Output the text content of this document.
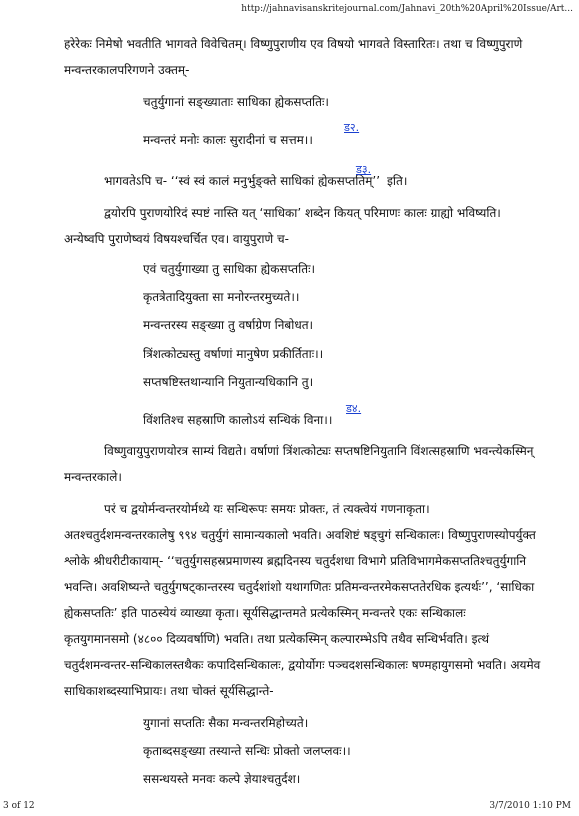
http://jahnavisanskritejournal.com/Jahnavi_20th%20April%20Issue/Art...
हरेरेकः निमेषो भवतीति भागवते विवेचितम्। विष्णुपुराणीय एव विषयो भागवते विस्तारितः। तथा च विष्णुपुराणे
मन्वन्तरकालपरिगणने उक्तम्-
चतुर्युगानां सङ्ख्याताः साधिका ह्येकसप्ततिः।
मन्वन्तरं मनोः कालः सुरादीनां च सत्तम।।
ड२.
भागवतेऽपि च- ‘‘स्वं स्वं कालं मनुर्भुङ्क्ते साधिकां ह्येकसप्ततिम्’’
ड३.
इति।
द्वयोरपि पुराणयोरिदं स्पष्टं नास्ति यत् ‘साधिका’ शब्देन कियत् परिमाणः कालः ग्राह्यो भविष्यति।
अन्येष्वपि पुराणेष्वयं विषयश्चर्चित एव। वायुपुराणे च-
एवं चतुर्युगाख्या तु साधिका ह्येकसप्ततिः।
कृतत्रेतादियुक्ता सा मनोरन्तरमुच्यते।।
मन्वन्तरस्य सङ्ख्या तु वर्षाग्रेण निबोधत।
त्रिंशत्कोट्यस्तु वर्षाणां मानुषेण प्रकीर्तिताः।।
सप्तषष्टिस्तथान्यानि नियुतान्यधिकानि तु।
विंशतिश्च सहस्राणि कालोऽयं सन्धिकं विना।।
ड४.
विष्णुवायुपुराणयोरत्र साम्यं विद्यते। वर्षाणां त्रिंशत्कोट्यः सप्तषष्टिनियुतानि विंशत्सहस्राणि भवन्त्येकस्मिन्
मन्वन्तरकाले।
परं च द्वयोर्मन्वन्तरयोर्मध्ये यः सन्धिरूपः समयः प्रोक्तः, तं त्यक्त्वेयं गणनाकृता।
अतश्चतुर्दशमन्वन्तरकालेषु ९९४ चतुर्युगं सामान्यकालो भवति। अवशिष्टं षड्चुगं सन्धिकालः। विष्णुपुराणस्योपर्युक्त
श्लोके श्रीधरीटीकायाम्- ‘‘चतुर्युगसहस्रप्रमाणस्य ब्रह्मदिनस्य चतुर्दशधा विभागे प्रतिविभागमेकसप्ततिश्चतुर्युगानि
भवन्ति। अवशिष्यन्ते चतुर्युगषट्कान्तरस्य चतुर्दशांशो यथागणितः प्रतिमन्वन्तरमेकसप्ततेरधिक इत्यर्थः’’, ‘साधिका
ह्येकसप्ततिः’ इति पाठस्येयं व्याख्या कृता। सूर्यसिद्धान्तमते प्रत्येकस्मिन् मन्वन्तरे एकः सन्धिकालः
कृतयुगमानसमो (४८०० दिव्यवर्षाणि) भवति। तथा प्रत्येकस्मिन् कल्पारम्भेऽपि तथैव सन्धिर्भवति। इत्थं
चतुर्दशमन्वन्तर-सन्धिकालस्तथैकः कपादिसन्धिकालः, द्वयोर्योगः पञ्चदशसन्धिकालः षण्महायुगसमो भवति। अयमेव
साधिकाशब्दस्याभिप्रायः। तथा चोक्तं सूर्यसिद्धान्ते-
युगानां सप्ततिः सैका मन्वन्तरमिहोच्यते।
कृताब्दसङ्ख्या तस्यान्ते सन्धिः प्रोक्तो जलप्लवः।।
ससन्धयस्ते मनवः कल्पे ज्ञेयाश्चतुर्दश।
3 of 12	3/7/2010 1:10 PM
